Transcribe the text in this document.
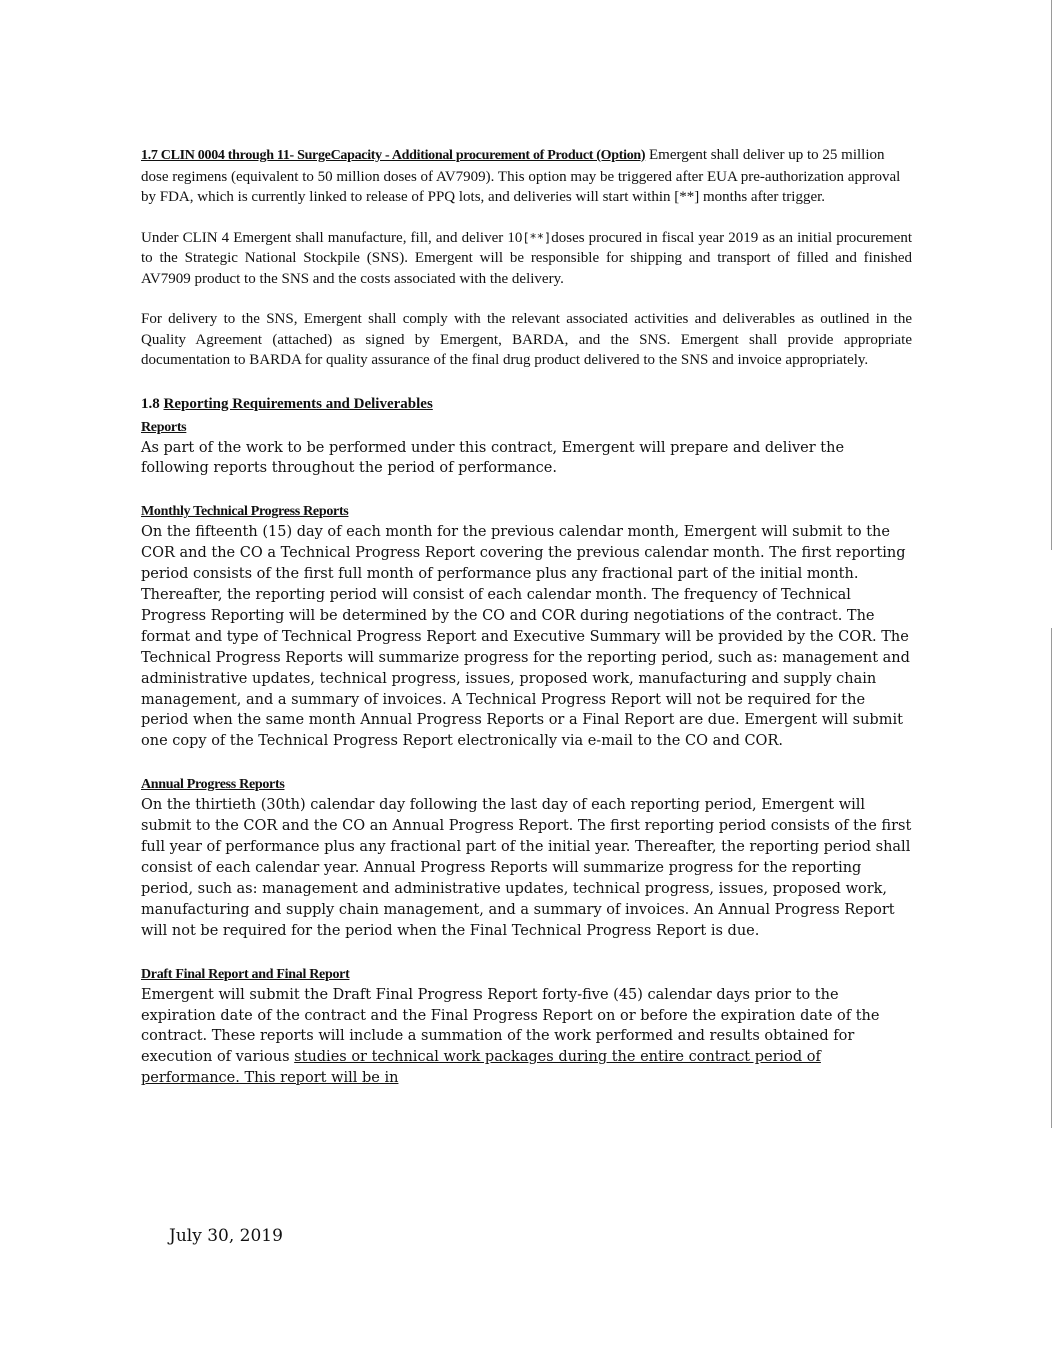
1.7 CLIN 0004 through 11- SurgeCapacity - Additional procurement of Product (Option) Emergent shall deliver up to 25 million dose regimens (equivalent to 50 million doses of AV7909). This option may be triggered after EUA pre-authorization approval by FDA, which is currently linked to release of PPQ lots, and deliveries will start within [**] months after trigger.

Under CLIN 4 Emergent shall manufacture, fill, and deliver 10[**]doses procured in fiscal year 2019 as an initial procurement to the Strategic National Stockpile (SNS). Emergent will be responsible for shipping and transport of filled and finished AV7909 product to the SNS and the costs associated with the delivery.

For delivery to the SNS, Emergent shall comply with the relevant associated activities and deliverables as outlined in the Quality Agreement (attached) as signed by Emergent, BARDA, and the SNS. Emergent shall provide appropriate documentation to BARDA for quality assurance of the final drug product delivered to the SNS and invoice appropriately.

1.8 Reporting Requirements and Deliverables

Reports

As part of the work to be performed under this contract, Emergent will prepare and deliver the following reports throughout the period of performance.

Monthly Technical Progress Reports

On the fifteenth (15) day of each month for the previous calendar month, Emergent will submit to the COR and the CO a Technical Progress Report covering the previous calendar month. The first reporting period consists of the first full month of performance plus any fractional part of the initial month. Thereafter, the reporting period will consist of each calendar month. The frequency of Technical Progress Reporting will be determined by the CO and COR during negotiations of the contract. The format and type of Technical Progress Report and Executive Summary will be provided by the COR. The Technical Progress Reports will summarize progress for the reporting period, such as: management and administrative updates, technical progress, issues, proposed work, manufacturing and supply chain management, and a summary of invoices. A Technical Progress Report will not be required for the period when the same month Annual Progress Reports or a Final Report are due. Emergent will submit one copy of the Technical Progress Report electronically via e-mail to the CO and COR.

Annual Progress Reports

On the thirtieth (30th) calendar day following the last day of each reporting period, Emergent will submit to the COR and the CO an Annual Progress Report. The first reporting period consists of the first full year of performance plus any fractional part of the initial year. Thereafter, the reporting period shall consist of each calendar year. Annual Progress Reports will summarize progress for the reporting period, such as: management and administrative updates, technical progress, issues, proposed work, manufacturing and supply chain management, and a summary of invoices. An Annual Progress Report will not be required for the period when the Final Technical Progress Report is due.

Draft Final Report and Final Report

Emergent will submit the Draft Final Progress Report forty-five (45) calendar days prior to the expiration date of the contract and the Final Progress Report on or before the expiration date of the contract. These reports will include a summation of the work performed and results obtained for execution of various studies or technical work packages during the entire contract period of performance. This report will be in

July 30, 2019
